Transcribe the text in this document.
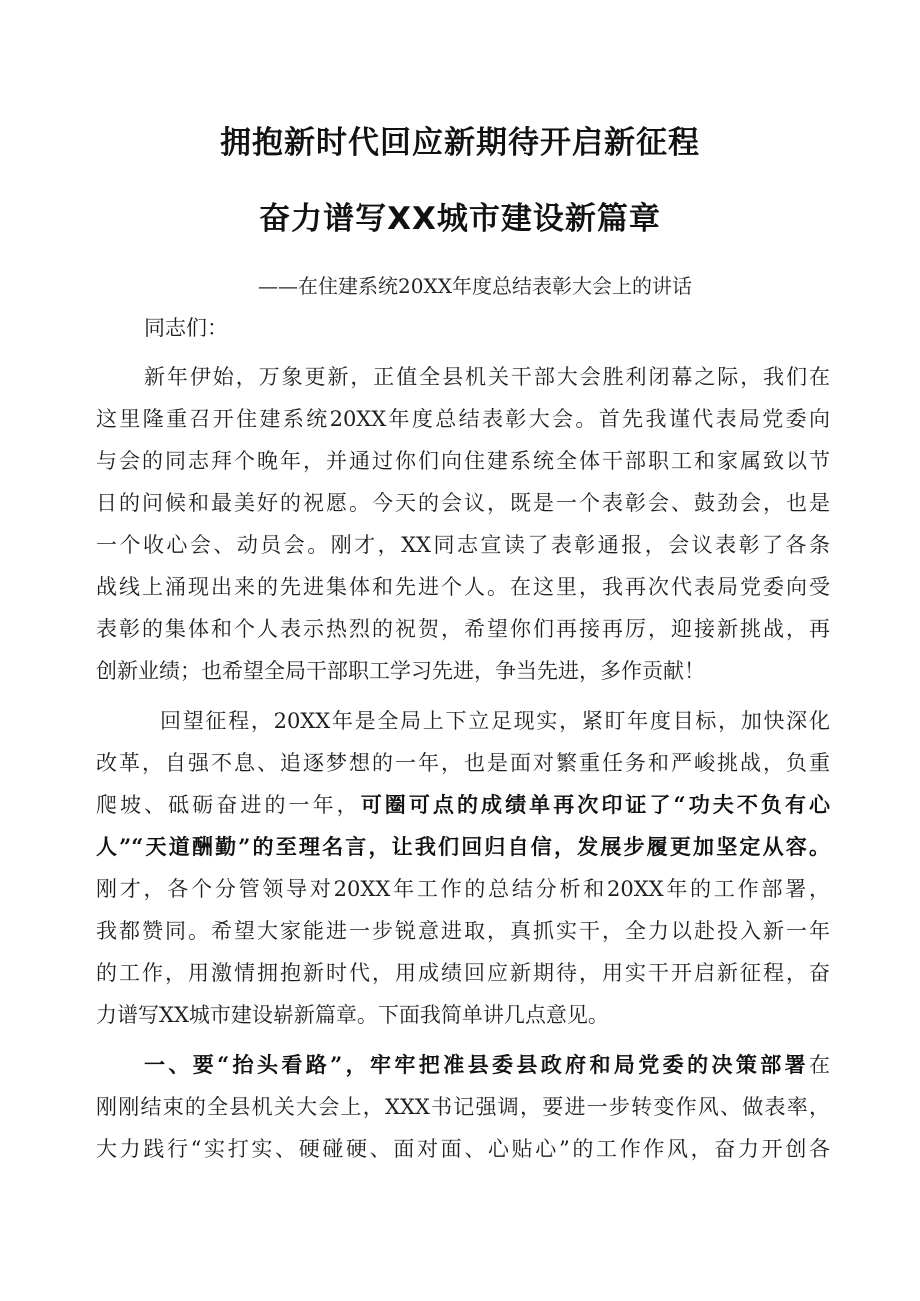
拥抱新时代回应新期待开启新征程
奋力谱写XX城市建设新篇章
——在住建系统20XX年度总结表彰大会上的讲话
同志们：
新年伊始，万象更新，正值全县机关干部大会胜利闭幕之际，我们在
这里隆重召开住建系统20XX年度总结表彰大会。首先我谨代表局党委向
与会的同志拜个晚年，并通过你们向住建系统全体干部职工和家属致以节
日的问候和最美好的祝愿。今天的会议，既是一个表彰会、鼓劲会，也是
一个收心会、动员会。刚才，XX同志宣读了表彰通报，会议表彰了各条
战线上涌现出来的先进集体和先进个人。在这里，我再次代表局党委向受
表彰的集体和个人表示热烈的祝贺，希望你们再接再厉，迎接新挑战，再
创新业绩；也希望全局干部职工学习先进，争当先进，多作贡献！
回望征程，20XX年是全局上下立足现实，紧盯年度目标，加快深化
改革，自强不息、追逐梦想的一年，也是面对繁重任务和严峻挑战，负重
爬坡、砥砺奋进的一年，可圈可点的成绩单再次印证了“功夫不负有心
人”“天道酬勤”的至理名言，让我们回归自信，发展步履更加坚定从容。
刚才，各个分管领导对20XX年工作的总结分析和20XX年的工作部署，
我都赞同。希望大家能进一步锐意进取，真抓实干，全力以赴投入新一年
的工作，用激情拥抱新时代，用成绩回应新期待，用实干开启新征程，奋
力谱写XX城市建设崭新篇章。下面我简单讲几点意见。
一、要“抬头看路”，牢牢把准县委县政府和局党委的决策部署在
刚刚结束的全县机关大会上，XXX书记强调，要进一步转变作风、做表率，
大力践行“实打实、硬碰硬、面对面、心贴心”的工作作风，奋力开创各
